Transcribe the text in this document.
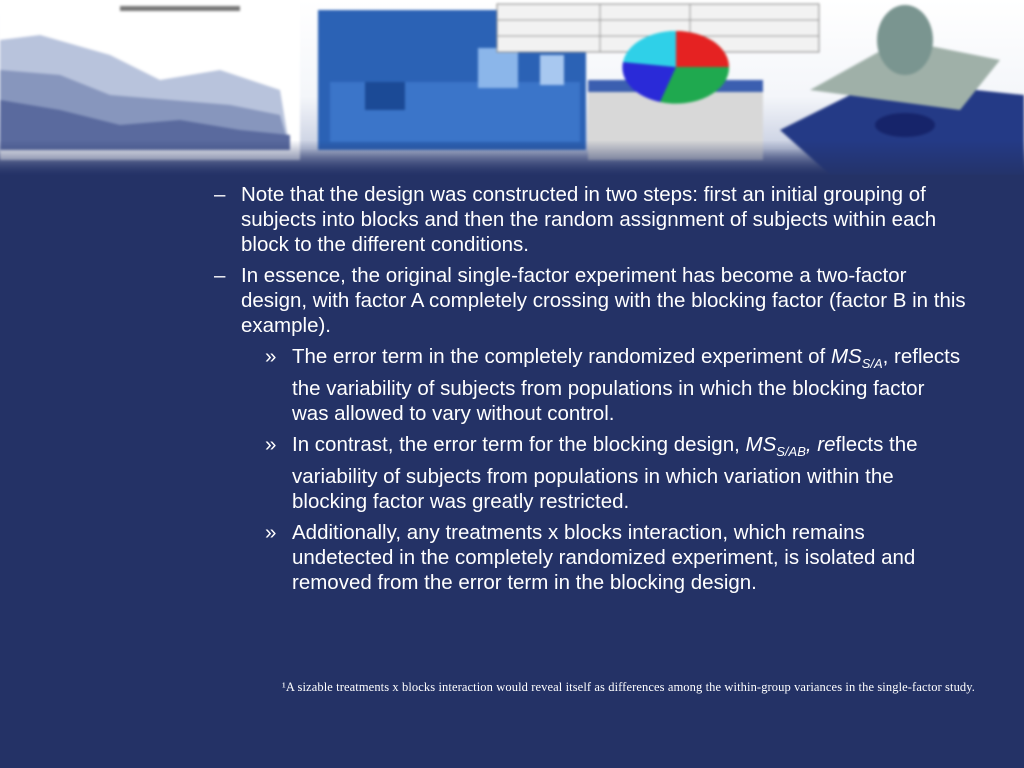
– Note that the design was constructed in two steps: first an initial grouping of subjects into blocks and then the random assignment of subjects within each block to the different conditions.
– In essence, the original single-factor experiment has become a two-factor design, with factor A completely crossing with the blocking factor (factor B in this example).
» The error term in the completely randomized experiment of $MS_{S/A}$, reflects the variability of subjects from populations in which the blocking factor was allowed to vary without control.
» In contrast, the error term for the blocking design, $MS_{S/AB}$, reflects the variability of subjects from populations in which variation within the blocking factor was greatly restricted.
» Additionally, any treatments x blocks interaction, which remains undetected in the completely randomized experiment, is isolated and removed from the error term in the blocking design.
¹A sizable treatments x blocks interaction would reveal itself as differences among the within-group variances in the single-factor study.
